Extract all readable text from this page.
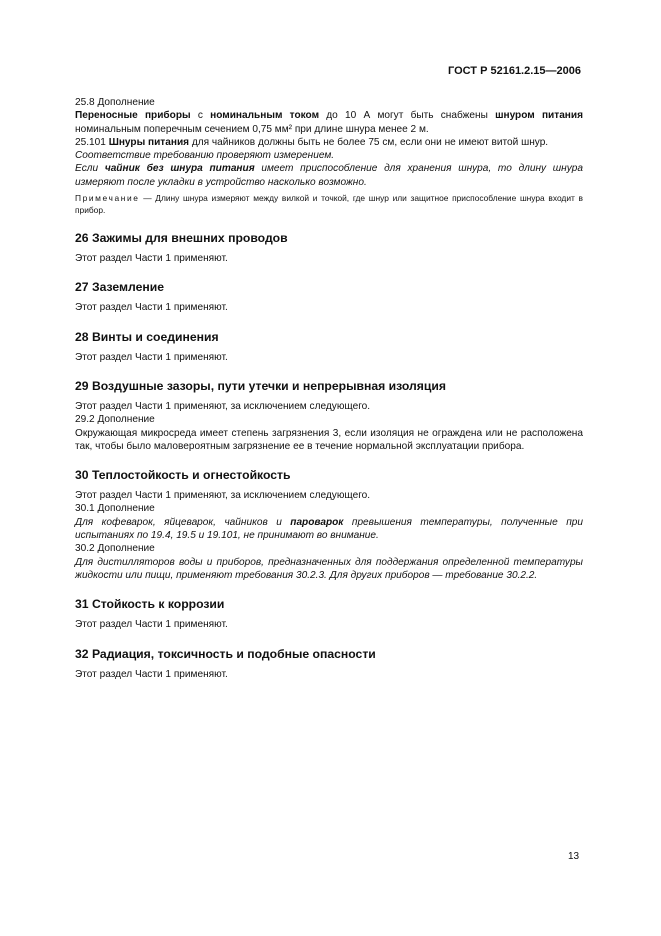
ГОСТ Р 52161.2.15—2006

25.8 Дополнение

Переносные приборы с номинальным током до 10 А могут быть снабжены шнуром питания номинальным поперечным сечением 0,75 мм² при длине шнура менее 2 м.

25.101 Шнуры питания для чайников должны быть не более 75 см, если они не имеют витой шнур.

Соответствие требованию проверяют измерением.

Если чайник без шнура питания имеет приспособление для хранения шнура, то длину шнура измеряют после укладки в устройство насколько возможно.

Примечание — Длину шнура измеряют между вилкой и точкой, где шнур или защитное приспособление шнура входит в прибор.

26 Зажимы для внешних проводов

Этот раздел Части 1 применяют.

27 Заземление

Этот раздел Части 1 применяют.

28 Винты и соединения

Этот раздел Части 1 применяют.

29 Воздушные зазоры, пути утечки и непрерывная изоляция

Этот раздел Части 1 применяют, за исключением следующего.

29.2 Дополнение

Окружающая микросреда имеет степень загрязнения 3, если изоляция не ограждена или не расположена так, чтобы было маловероятным загрязнение ее в течение нормальной эксплуатации прибора.

30 Теплостойкость и огнестойкость

Этот раздел Части 1 применяют, за исключением следующего.

30.1 Дополнение

Для кофеварок, яйцеварок, чайников и пароварок превышения температуры, полученные при испытаниях по 19.4, 19.5 и 19.101, не принимают во внимание.

30.2 Дополнение

Для дистилляторов воды и приборов, предназначенных для поддержания определенной температуры жидкости или пищи, применяют требования 30.2.3. Для других приборов — требование 30.2.2.

31 Стойкость к коррозии

Этот раздел Части 1 применяют.

32 Радиация, токсичность и подобные опасности

Этот раздел Части 1 применяют.

13
